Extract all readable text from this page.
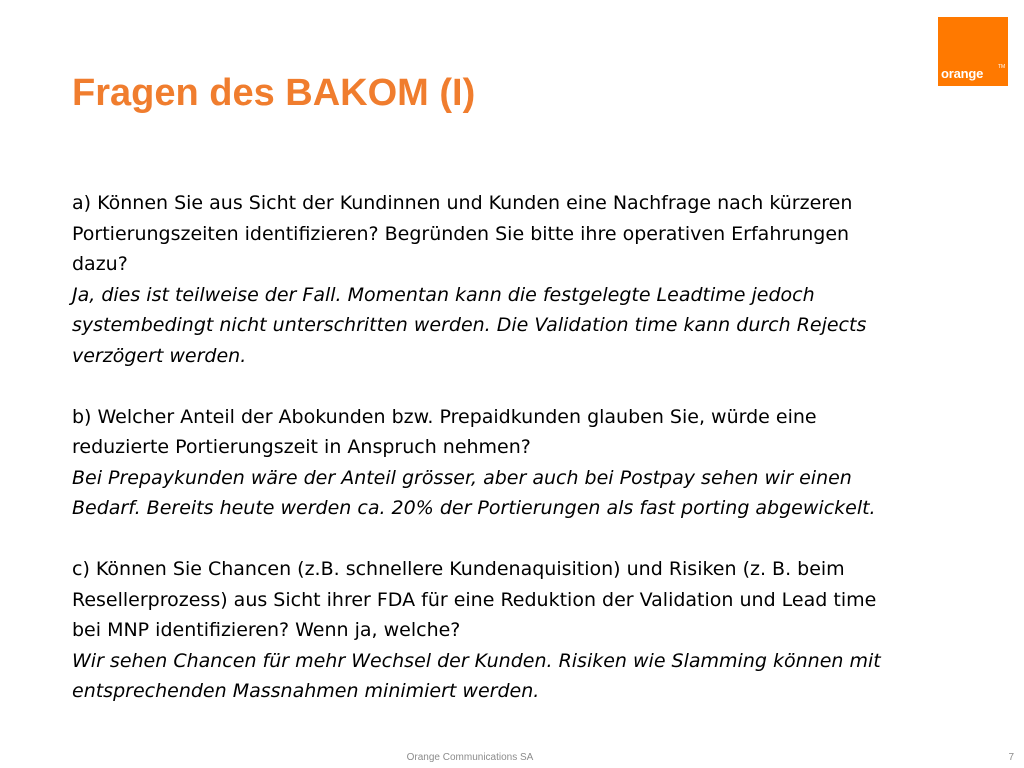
Fragen des BAKOM (I)
TM
orange
a) Können Sie aus Sicht der Kundinnen und Kunden eine Nachfrage nach kürzeren
Portierungszeiten identifizieren? Begründen Sie bitte ihre operativen Erfahrungen
dazu?
Ja, dies ist teilweise der Fall. Momentan kann die festgelegte Leadtime jedoch
systembedingt nicht unterschritten werden. Die Validation time kann durch Rejects
verzögert werden.
b) Welcher Anteil der Abokunden bzw. Prepaidkunden glauben Sie, würde eine
reduzierte Portierungszeit in Anspruch nehmen?
Bei Prepaykunden wäre der Anteil grösser, aber auch bei Postpay sehen wir einen
Bedarf. Bereits heute werden ca. 20% der Portierungen als fast porting abgewickelt.
c) Können Sie Chancen (z.B. schnellere Kundenaquisition) und Risiken (z. B. beim
Resellerprozess) aus Sicht ihrer FDA für eine Reduktion der Validation und Lead time
bei MNP identifizieren? Wenn ja, welche?
Wir sehen Chancen für mehr Wechsel der Kunden. Risiken wie Slamming können mit
entsprechenden Massnahmen minimiert werden.
Orange Communications SA	7
